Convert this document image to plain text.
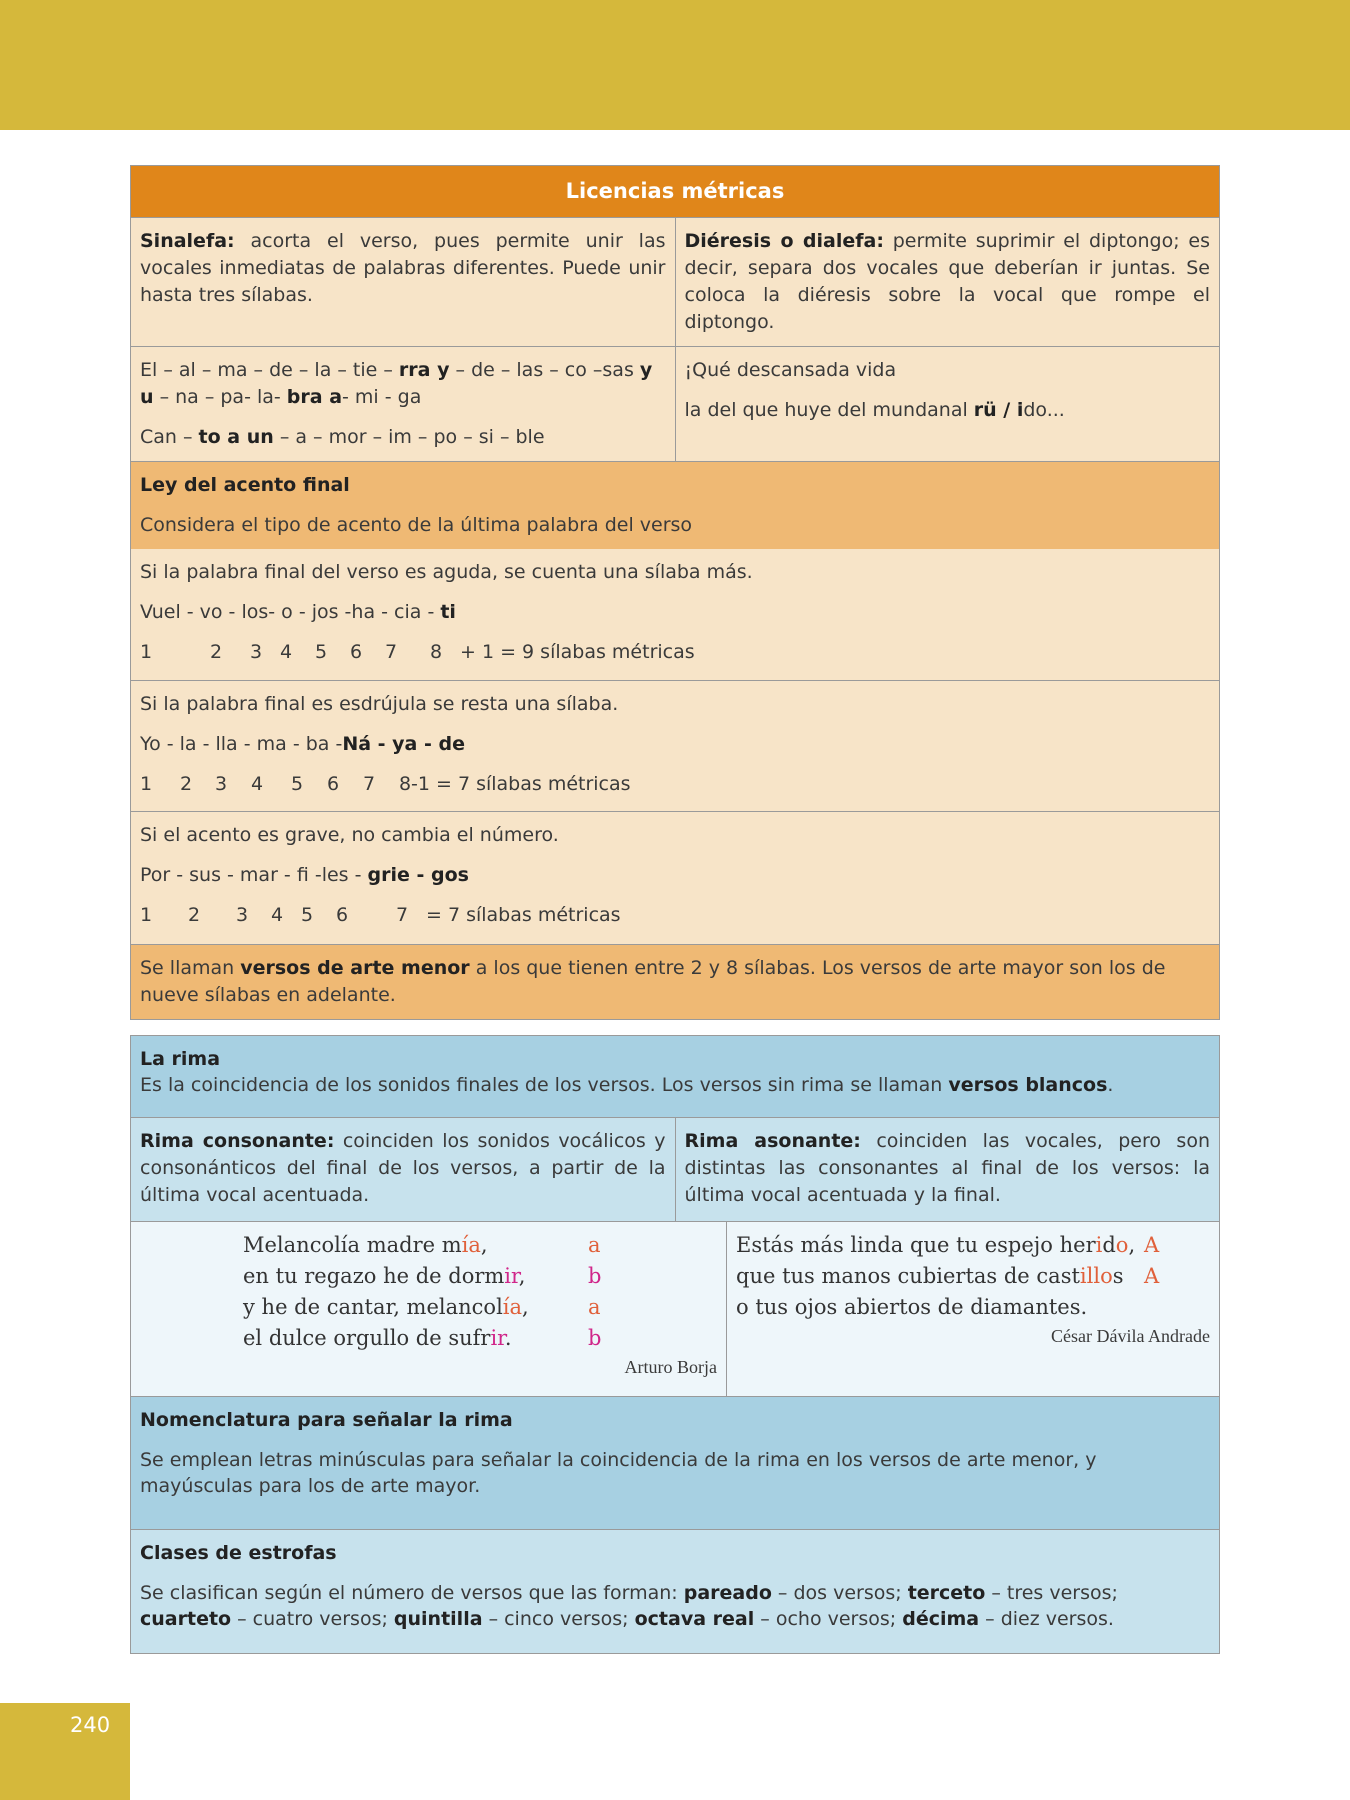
Licencias métricas
Sinalefa: acorta el verso, pues permite unir las vocales inmediatas de palabras diferentes. Puede unir hasta tres sílabas.
Diéresis o dialefa: permite suprimir el diptongo; es decir, separa dos vocales que deberían ir juntas. Se coloca la diéresis sobre la vocal que rompe el diptongo.

El – al – ma – de – la – tie – rra y – de – las – co –sas y u – na – pa- la- bra a- mi - ga

Can – to a un – a – mor – im – po – si – ble

¡Qué descansada vida

la del que huye del mundanal rü / ido...

Ley del acento final

Considera el tipo de acento de la última palabra del verso

Si la palabra final del verso es aguda, se cuenta una sílaba más.

Vuel - vo - los- o - jos -ha - cia - ti

1	2 3 4 5 6 7 8 + 1 = 9 sílabas métricas

Si la palabra final es esdrújula se resta una sílaba.

Yo - la - lla - ma - ba -Ná - ya - de

1 2 3 4 5 6 7 8-1 = 7 sílabas métricas

Si el acento es grave, no cambia el número.

Por - sus - mar - fi -les - grie - gos

1 2 3 4 5 6	7 = 7 sílabas métricas

Se llaman versos de arte menor a los que tienen entre 2 y 8 sílabas. Los versos de arte mayor son los de nueve sílabas en adelante.
La rima
Es la coincidencia de los sonidos finales de los versos. Los versos sin rima se llaman versos blancos.
Rima consonante: coinciden los sonidos vocálicos y consonánticos del final de los versos, a partir de la última vocal acentuada.
Rima asonante: coinciden las vocales, pero son distintas las consonantes al final de los versos: la última vocal acentuada y la final.
Melancolía madre mía,	a
en tu regazo he de dormir,	b
y he de cantar, melancolía,	a
el dulce orgullo de sufrir.	b
Arturo Borja
Estás más linda que tu espejo herido, A
que tus manos cubiertas de castillos A
o tus ojos abiertos de diamantes.
César Dávila Andrade

Nomenclatura para señalar la rima

Se emplean letras minúsculas para señalar la coincidencia de la rima en los versos de arte menor, y mayúsculas para los de arte mayor.

Clases de estrofas

Se clasifican según el número de versos que las forman: pareado – dos versos; terceto – tres versos; cuarteto – cuatro versos; quintilla – cinco versos; octava real – ocho versos; décima – diez versos.

240
